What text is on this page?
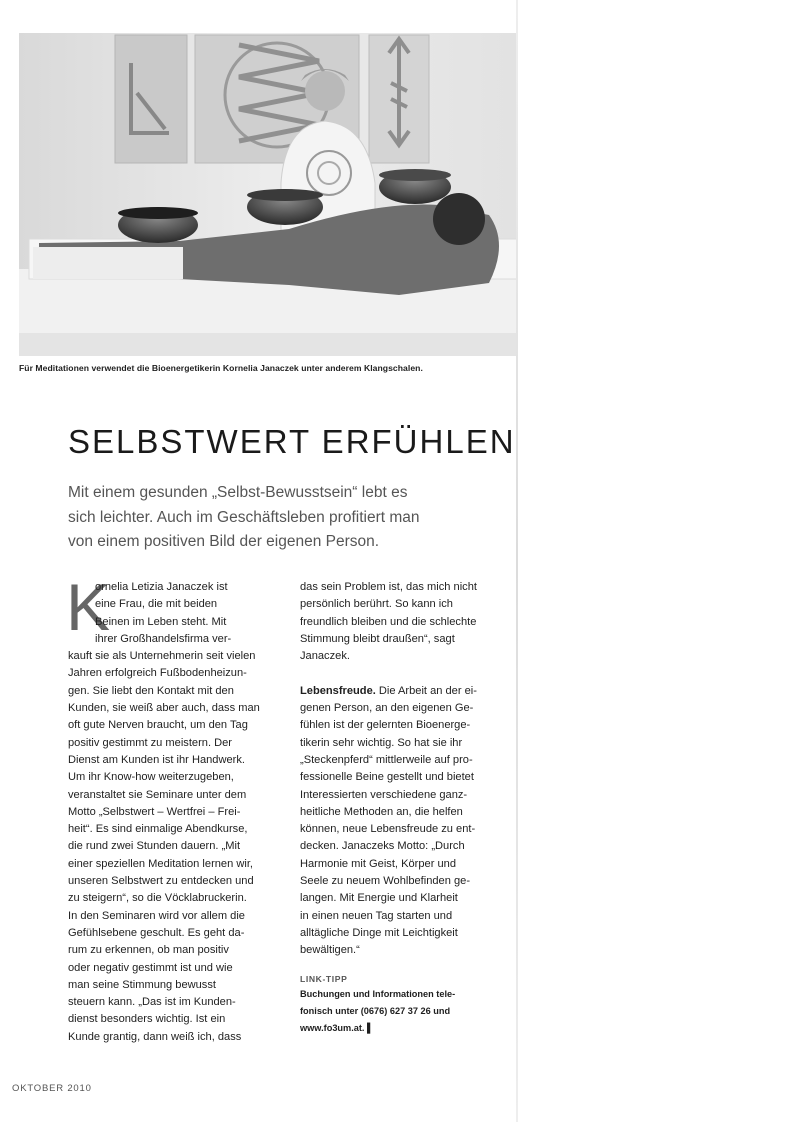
Für Meditationen verwendet die Bioenergetikerin Kornelia Janaczek unter anderem Klangschalen.
SELBSTWERT ERFÜHLEN

Mit einem gesunden „Selbst-Bewusstsein“ lebt es
sich leichter. Auch im Geschäftsleben profitiert man
von einem positiven Bild der eigenen Person.

K
ornelia Letizia Janaczek ist
eine Frau, die mit beiden
Beinen im Leben steht. Mit
ihrer Großhandelsfirma ver-
kauft sie als Unternehmerin seit vielen
Jahren erfolgreich Fußbodenheizun-
gen. Sie liebt den Kontakt mit den
Kunden, sie weiß aber auch, dass man
oft gute Nerven braucht, um den Tag
positiv gestimmt zu meistern. Der
Dienst am Kunden ist ihr Handwerk.
Um ihr Know-how weiterzugeben,
veranstaltet sie Seminare unter dem
Motto „Selbstwert – Wertfrei – Frei-
heit“. Es sind einmalige Abendkurse,
die rund zwei Stunden dauern. „Mit
einer speziellen Meditation lernen wir,
unseren Selbstwert zu entdecken und
zu steigern“, so die Vöcklabruckerin.
In den Seminaren wird vor allem die
Gefühlsebene geschult. Es geht da-
rum zu erkennen, ob man positiv
oder negativ gestimmt ist und wie
man seine Stimmung bewusst
steuern kann. „Das ist im Kunden-
dienst besonders wichtig. Ist ein
Kunde grantig, dann weiß ich, dass
das sein Problem ist, das mich nicht
persönlich berührt. So kann ich
freundlich bleiben und die schlechte
Stimmung bleibt draußen“, sagt
Janaczek.
Lebensfreude. Die Arbeit an der ei-
genen Person, an den eigenen Ge-
fühlen ist der gelernten Bioenerge-
tikerin sehr wichtig. So hat sie ihr
„Steckenpferd“ mittlerweile auf pro-
fessionelle Beine gestellt und bietet
Interessierten verschiedene ganz-
heitliche Methoden an, die helfen
können, neue Lebensfreude zu ent-
decken. Janaczeks Motto: „Durch
Harmonie mit Geist, Körper und
Seele zu neuem Wohlbefinden ge-
langen. Mit Energie und Klarheit
in einen neuen Tag starten und
alltägliche Dinge mit Leichtigkeit
bewältigen.“
LINK-TIPP
Buchungen und Informationen tele-
fonisch unter (0676) 627 37 26 und
www.fo3um.at. ▌
OKTOBER 2010
